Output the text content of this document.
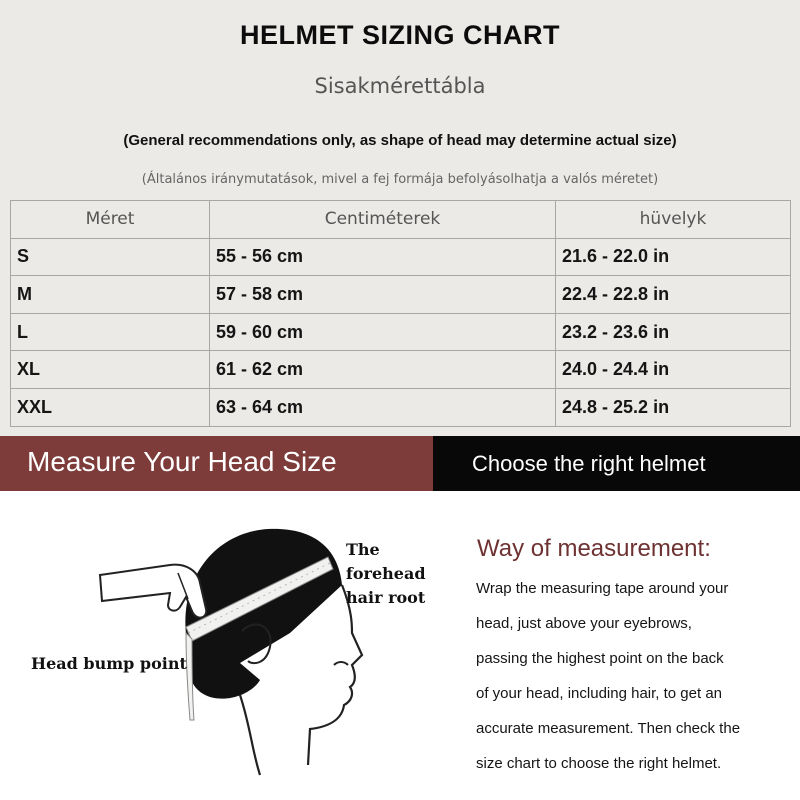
HELMET SIZING CHART
Sisakmérettábla
(General recommendations only, as shape of head may determine actual size)
(Általános iránymutatások, mivel a fej formája befolyásolhatja a valós méretet)
Méret	Centiméterek	hüvelyk
S	55 - 56 cm	21.6 - 22.0 in
M	57 - 58 cm	22.4 - 22.8 in
L	59 - 60 cm	23.2 - 23.6 in
XL	61 - 62 cm	24.0 - 24.4 in
XXL	63 - 64 cm	24.8 - 25.2 in
Measure Your Head Size	Choose the right helmet
The forehead
hair root
Head bump point
Way of measurement:
Wrap the measuring tape around your
head, just above your eyebrows,
passing the highest point on the back
of your head, including hair, to get an
accurate measurement. Then check the
size chart to choose the right helmet.
